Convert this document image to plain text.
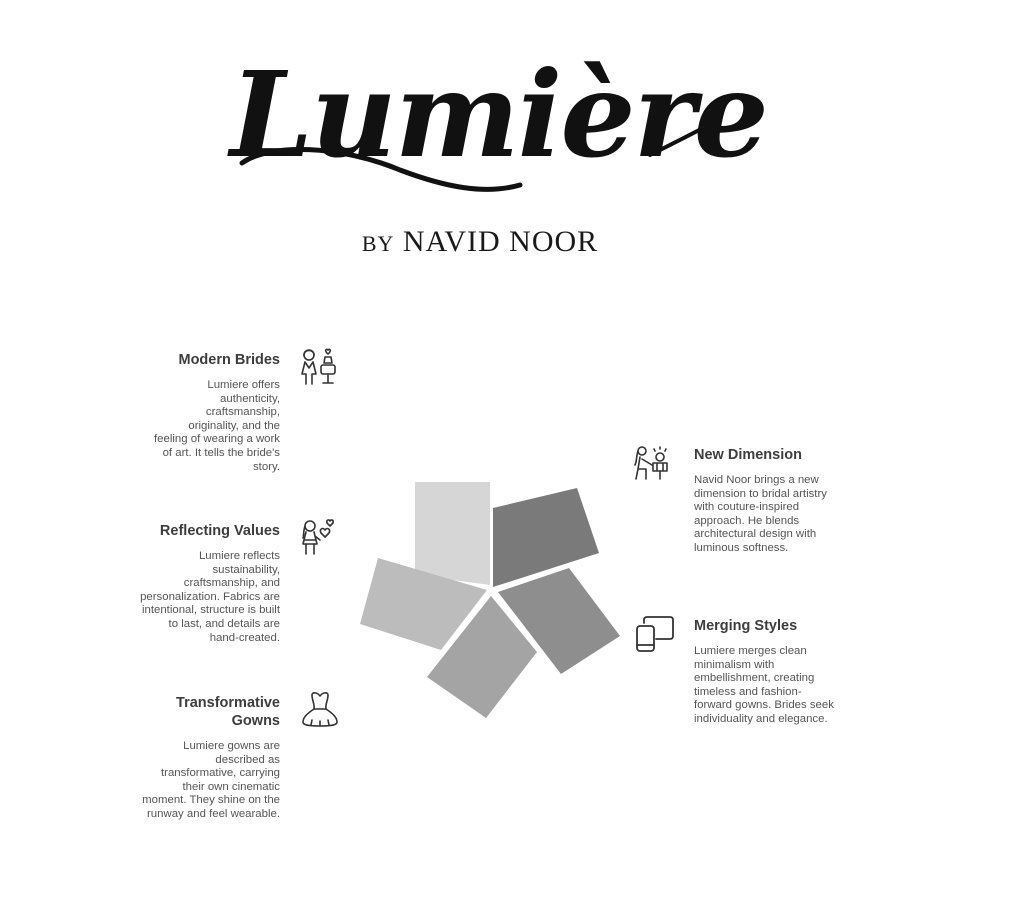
Lumière
BY NAVID NOOR
Modern Brides
Lumiere offers authenticity, craftsmanship, originality, and the feeling of wearing a work of art. It tells the bride's story.
Reflecting Values
Lumiere reflects sustainability, craftsmanship, and personalization. Fabrics are intentional, structure is built to last, and details are hand-created.
Transformative Gowns
Lumiere gowns are described as transformative, carrying their own cinematic moment. They shine on the runway and feel wearable.
New Dimension
Navid Noor brings a new dimension to bridal artistry with couture-inspired approach. He blends architectural design with luminous softness.
Merging Styles
Lumiere merges clean minimalism with embellishment, creating timeless and fashion-forward gowns. Brides seek individuality and elegance.
